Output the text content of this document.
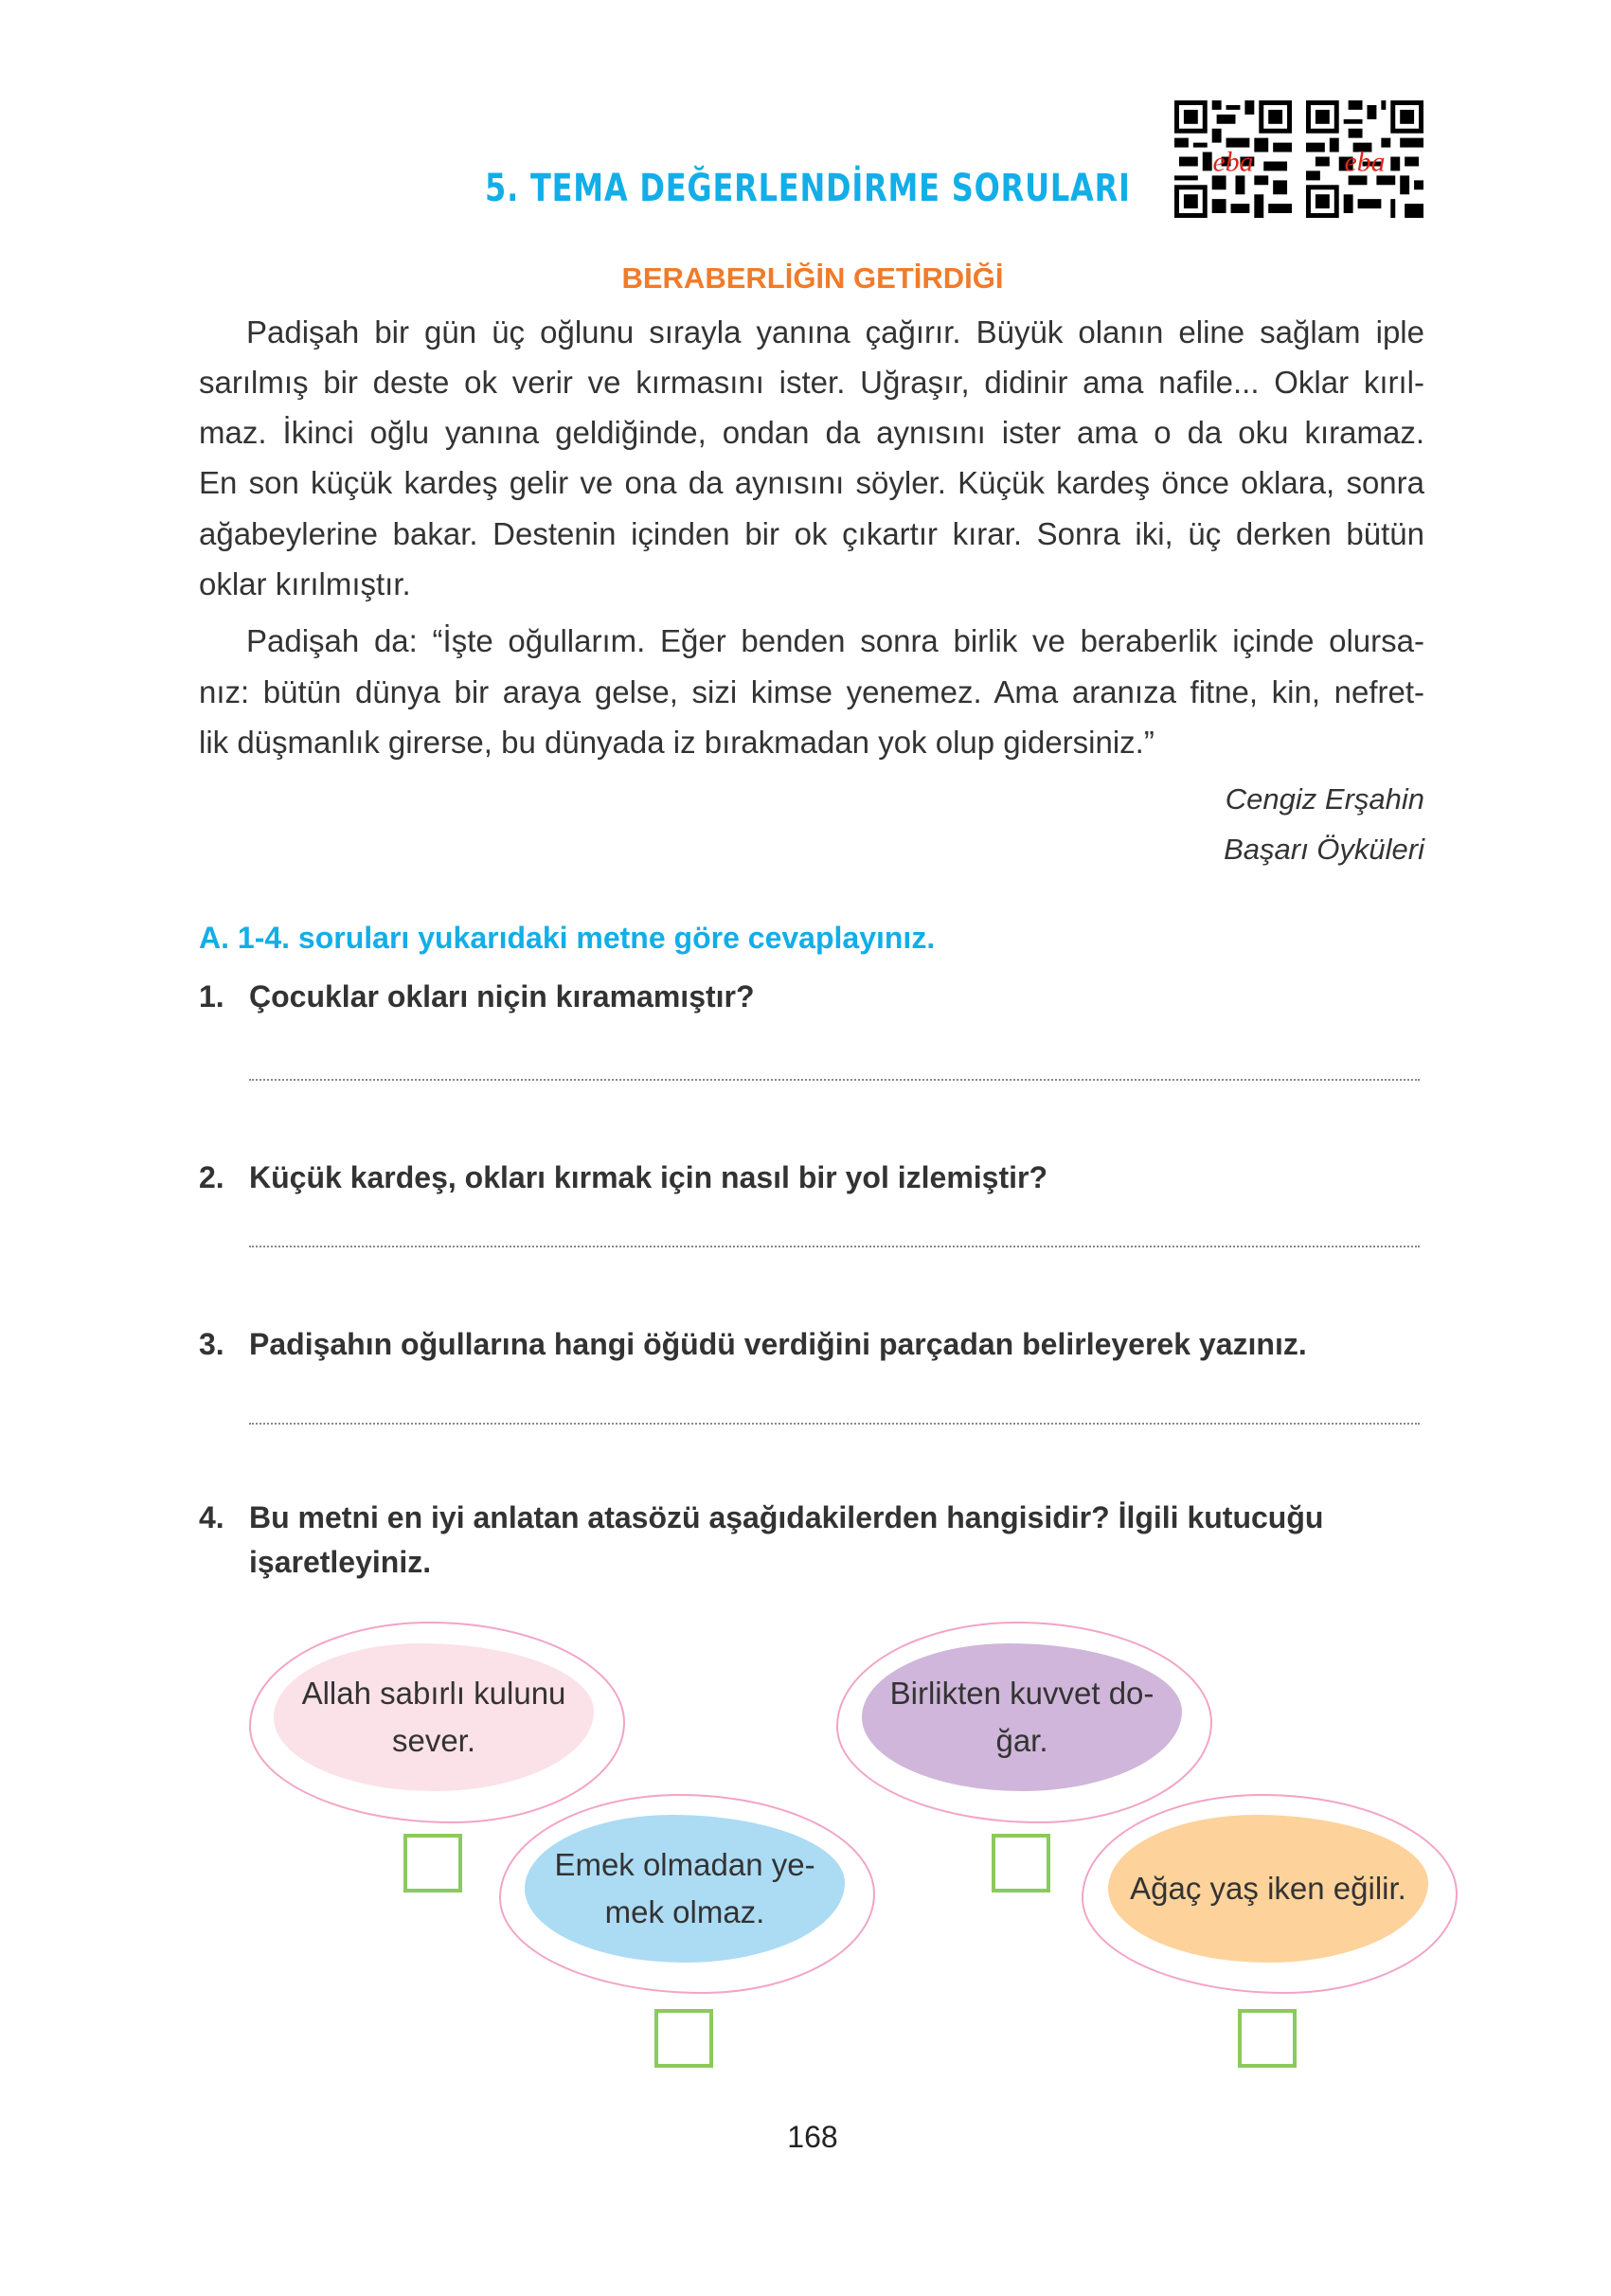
5. TEMA DEĞERLENDİRME SORULARI
eba	eba
BERABERLİĞİN GETİRDİĞİ
Padişah bir gün üç oğlunu sırayla yanına çağırır. Büyük olanın eline sağlam iple
sarılmış bir deste ok verir ve kırmasını ister. Uğraşır, didinir ama nafile... Oklar kırıl-
maz. İkinci oğlu yanına geldiğinde, ondan da aynısını ister ama o da oku kıramaz.
En son küçük kardeş gelir ve ona da aynısını söyler. Küçük kardeş önce oklara, sonra
ağabeylerine bakar. Destenin içinden bir ok çıkartır kırar. Sonra iki, üç derken bütün
oklar kırılmıştır.
Padişah da: “İşte oğullarım. Eğer benden sonra birlik ve beraberlik içinde olursa-
nız: bütün dünya bir araya gelse, sizi kimse yenemez. Ama aranıza fitne, kin, nefret-
lik düşmanlık girerse, bu dünyada iz bırakmadan yok olup gidersiniz.”
Cengiz Erşahin
Başarı Öyküleri
A. 1-4. soruları yukarıdaki metne göre cevaplayınız.
1. Çocuklar okları niçin kıramamıştır?
2. Küçük kardeş, okları kırmak için nasıl bir yol izlemiştir?
3. Padişahın oğullarına hangi öğüdü verdiğini parçadan belirleyerek yazınız.
4. Bu metni en iyi anlatan atasözü aşağıdakilerden hangisidir? İlgili kutucuğu
işaretleyiniz.
Allah sabırlı kulunu
sever.
Birlikten kuvvet do-
ğar.
Emek olmadan ye-
mek olmaz.
Ağaç yaş iken eğilir.
168
